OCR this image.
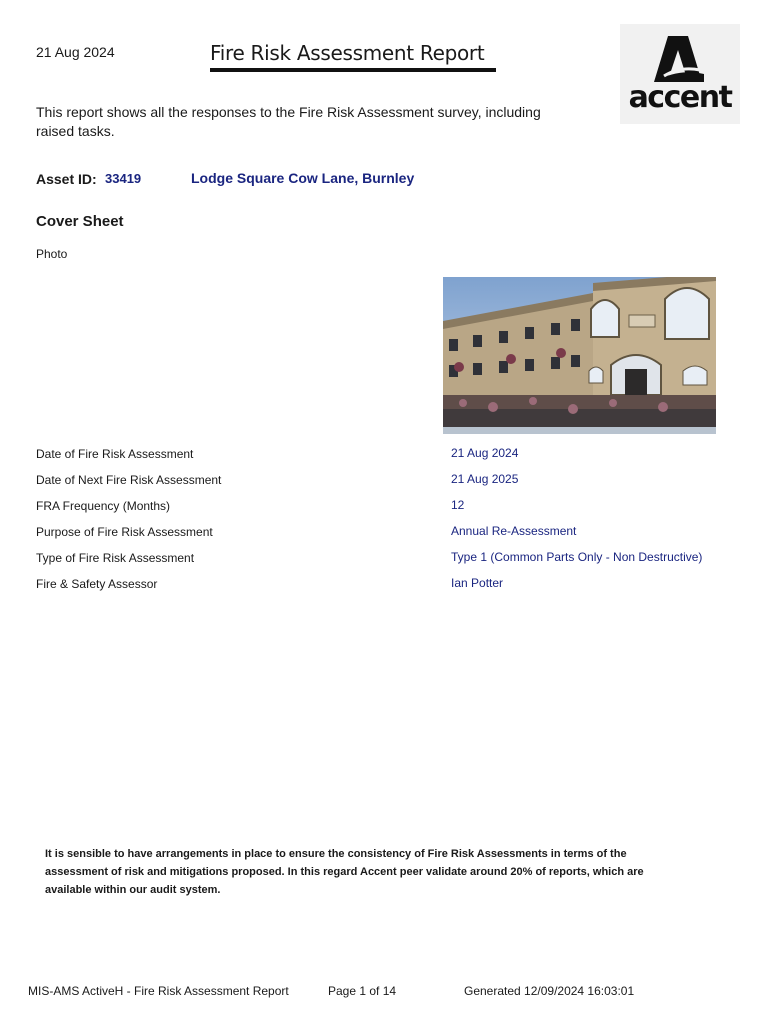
21 Aug 2024	Fire Risk Assessment Report
accent
This report shows all the responses to the Fire Risk Assessment survey, including raised tasks.
Asset ID: 33419	Lodge Square Cow Lane, Burnley
Cover Sheet
Photo
Date of Fire Risk Assessment	21 Aug 2024
Date of Next Fire Risk Assessment	21 Aug 2025
FRA Frequency (Months)	12
Purpose of Fire Risk Assessment	Annual Re-Assessment
Type of Fire Risk Assessment	Type 1 (Common Parts Only - Non Destructive)
Fire & Safety Assessor	Ian Potter
It is sensible to have arrangements in place to ensure the consistency of Fire Risk Assessments in terms of the assessment of risk and mitigations proposed. In this regard Accent peer validate around 20% of reports, which are available within our audit system.
MIS-AMS ActiveH - Fire Risk Assessment Report	Page 1 of 14	Generated 12/09/2024 16:03:01
